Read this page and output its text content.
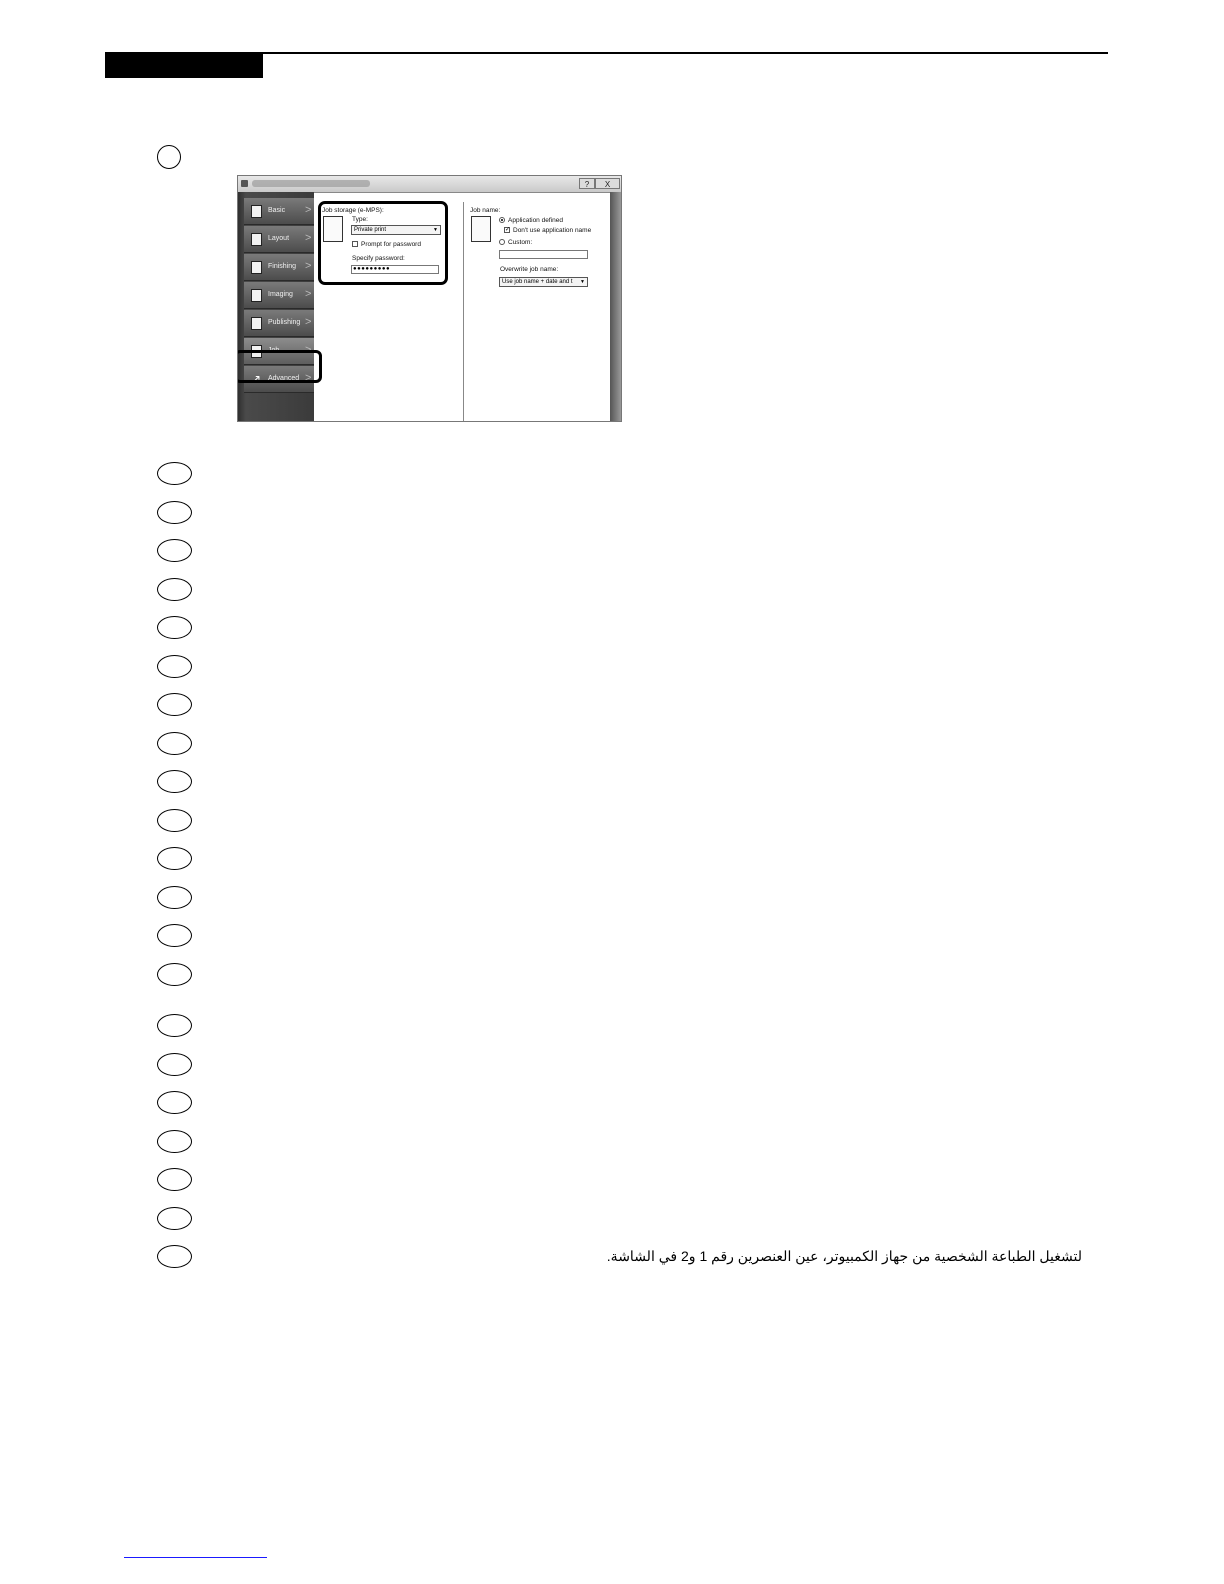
?	X
Basic >
Layout >
Finishing >
Imaging >
Publishing >
Job >
↗ Advanced >
Job storage (e-MPS):
Type:
Private print	▼
Prompt for password
Specify password:
●●●●●●●●●
Job name:
Application defined
✓ Don't use application name
Custom:
Overwrite job name:
Use job name + date and t ▼
لتشغيل الطباعة الشخصية من جهاز الكمبيوتر، عين العنصرين رقم 1 و2 في الشاشة.
